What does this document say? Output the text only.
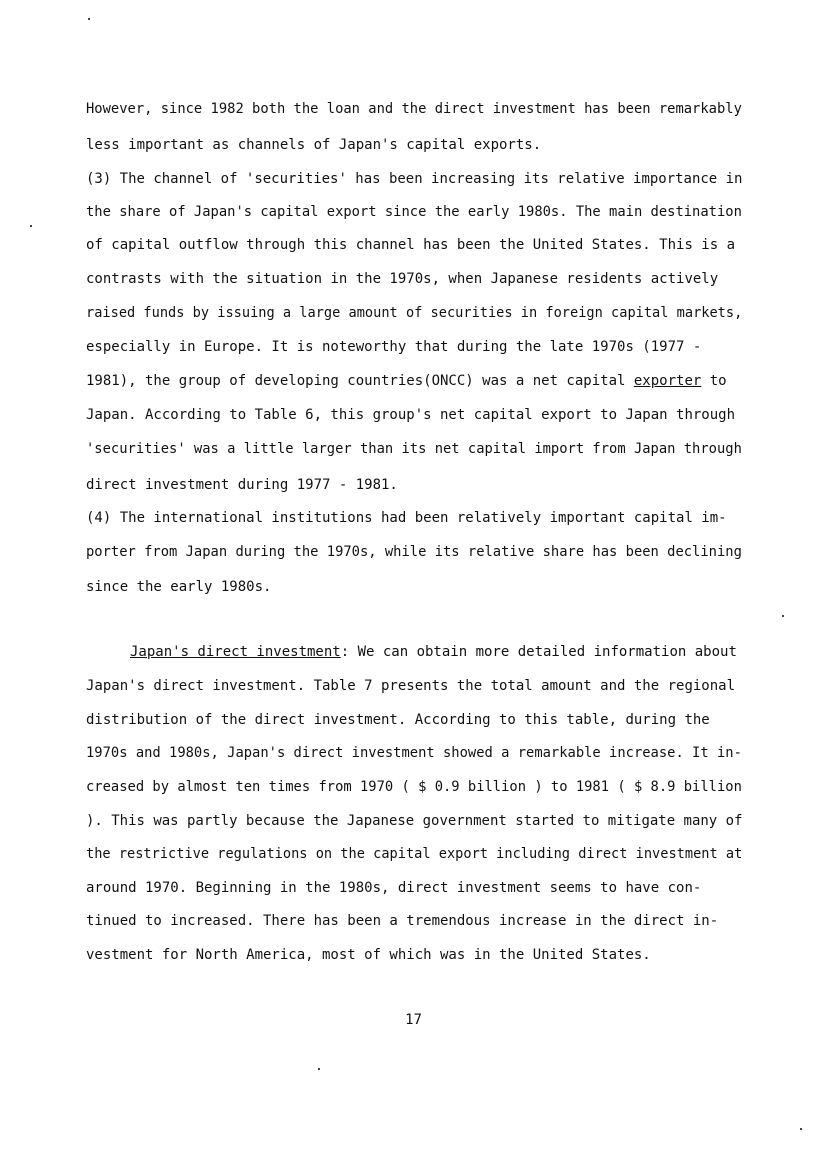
However, since 1982 both the loan and the direct investment has been remarkably
less important as channels of Japan's capital exports.
(3) The channel of 'securities' has been increasing its relative importance in
the share of Japan's capital export since the early 1980s. The main destination
of capital outflow through this channel has been the United States. This is a
contrasts with the situation in the 1970s, when Japanese residents actively
raised funds by issuing a large amount of securities in foreign capital markets,
especially in Europe. It is noteworthy that during the late 1970s (1977 -
1981), the group of developing countries(ONCC) was a net capital exporter to
Japan. According to Table 6, this group's net capital export to Japan through
'securities' was a little larger than its net capital import from Japan through
direct investment during 1977 - 1981.
(4) The international institutions had been relatively important capital im-
porter from Japan during the 1970s, while its relative share has been declining
since the early 1980s.
Japan's direct investment: We can obtain more detailed information about
Japan's direct investment. Table 7 presents the total amount and the regional
distribution of the direct investment. According to this table, during the
1970s and 1980s, Japan's direct investment showed a remarkable increase. It in-
creased by almost ten times from 1970 ( $ 0.9 billion ) to 1981 ( $ 8.9 billion
). This was partly because the Japanese government started to mitigate many of
the restrictive regulations on the capital export including direct investment at
around 1970. Beginning in the 1980s, direct investment seems to have con-
tinued to increased. There has been a tremendous increase in the direct in-
vestment for North America, most of which was in the United States.
17
